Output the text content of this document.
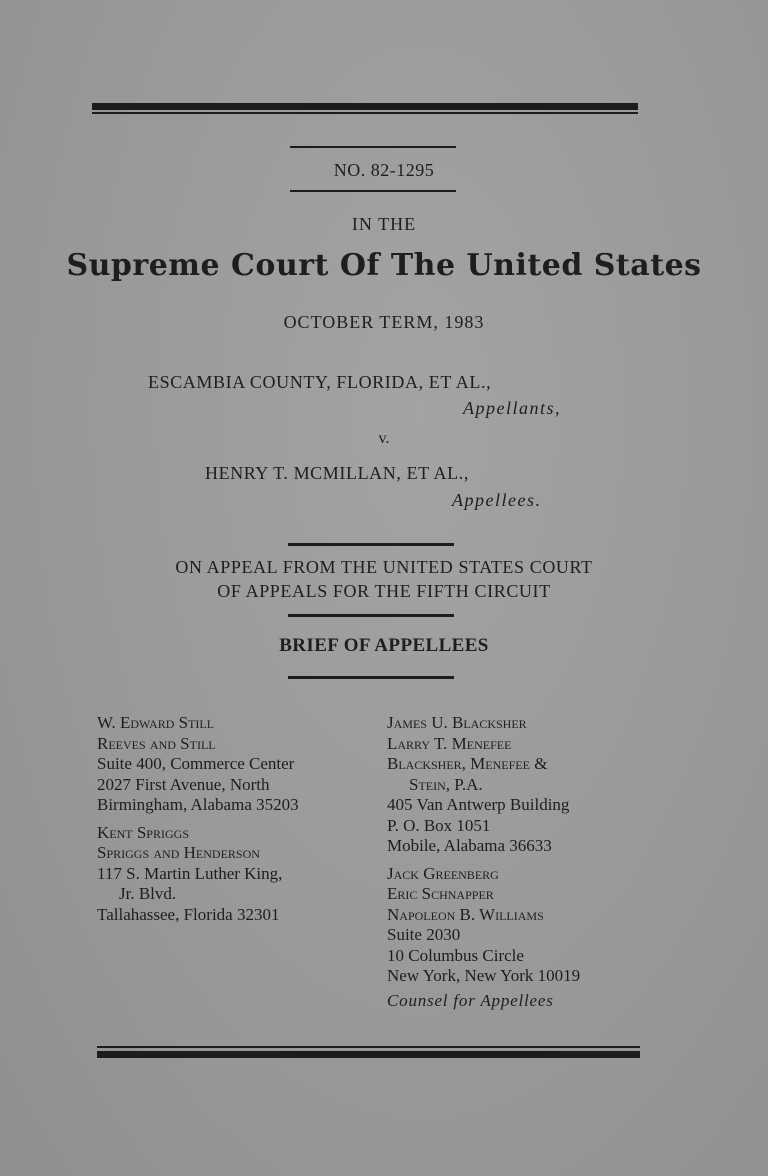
NO. 82-1295
IN THE
Supreme Court Of The United States
OCTOBER TERM, 1983
ESCAMBIA COUNTY, FLORIDA, ET AL.,
Appellants,
v.
HENRY T. MCMILLAN, ET AL.,
Appellees.
ON APPEAL FROM THE UNITED STATES COURT
OF APPEALS FOR THE FIFTH CIRCUIT
BRIEF OF APPELLEES
W. Edward Still
Reeves and Still
Suite 400, Commerce Center
2027 First Avenue, North
Birmingham, Alabama 35203
Kent Spriggs
Spriggs and Henderson
117 S. Martin Luther King,
Jr. Blvd.
Tallahassee, Florida 32301
James U. Blacksher
Larry T. Menefee
Blacksher, Menefee &
Stein, P.A.
405 Van Antwerp Building
P. O. Box 1051
Mobile, Alabama 36633
Jack Greenberg
Eric Schnapper
Napoleon B. Williams
Suite 2030
10 Columbus Circle
New York, New York 10019
Counsel for Appellees
